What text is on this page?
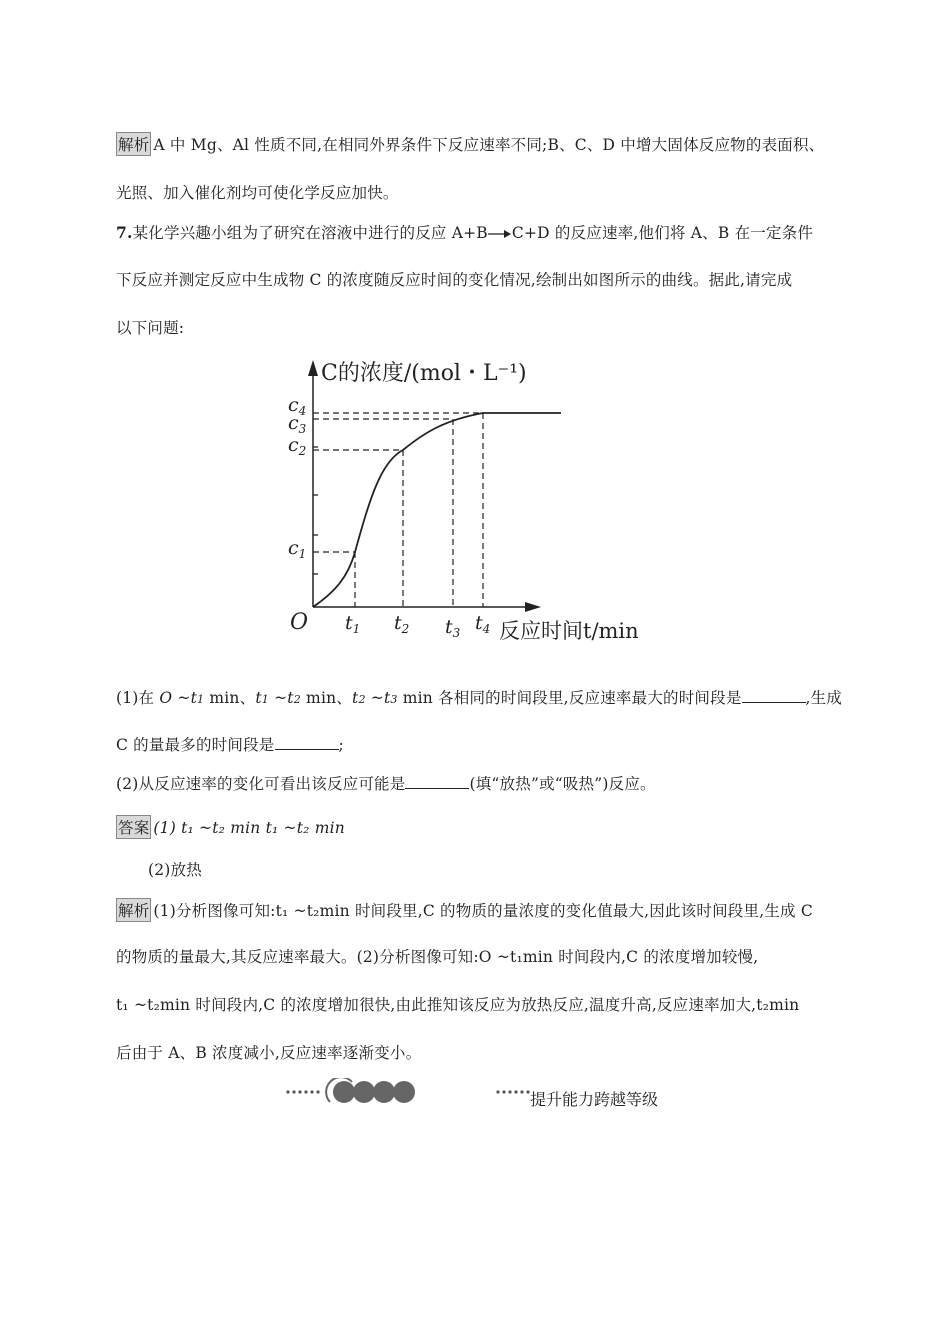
解析 A 中 Mg、Al 性质不同,在相同外界条件下反应速率不同;B、C、D 中增大固体反应物的表面积、
光照、加入催化剂均可使化学反应加快。
7.某化学兴趣小组为了研究在溶液中进行的反应 A+B→C+D 的反应速率,他们将 A、B 在一定条件
下反应并测定反应中生成物 C 的浓度随反应时间的变化情况,绘制出如图所示的曲线。据此,请完成
以下问题:
C的浓度/(mol・L⁻¹)
O
$c_4$
$c_3$
$c_2$
$c_1$
$t_1$ $t_2$ $t_3$ $t_4$ 反应时间t/min
(1)在 O ~t1 min、t1 ~t2 min、t2 ~t3 min 各相同的时间段里,反应速率最大的时间段是	,生成
C 的量最多的时间段是	;
(2)从反应速率的变化可看出该反应可能是	(填“放热”或“吸热”)反应。
答案 (1) t₁ ~t₂ min t₁ ~t₂ min
(2)放热
解析 (1)分析图像可知:t₁ ~t₂min 时间段里,C 的物质的量浓度的变化值最大,因此该时间段里,生成 C
的物质的量最大,其反应速率最大。(2)分析图像可知:O ~t₁min 时间段内,C 的浓度增加较慢,
t₁ ~t₂min 时间段内,C 的浓度增加很快,由此推知该反应为放热反应,温度升高,反应速率加大,t₂min
后由于 A、B 浓度减小,反应速率逐渐变小。
提升能力跨越等级
